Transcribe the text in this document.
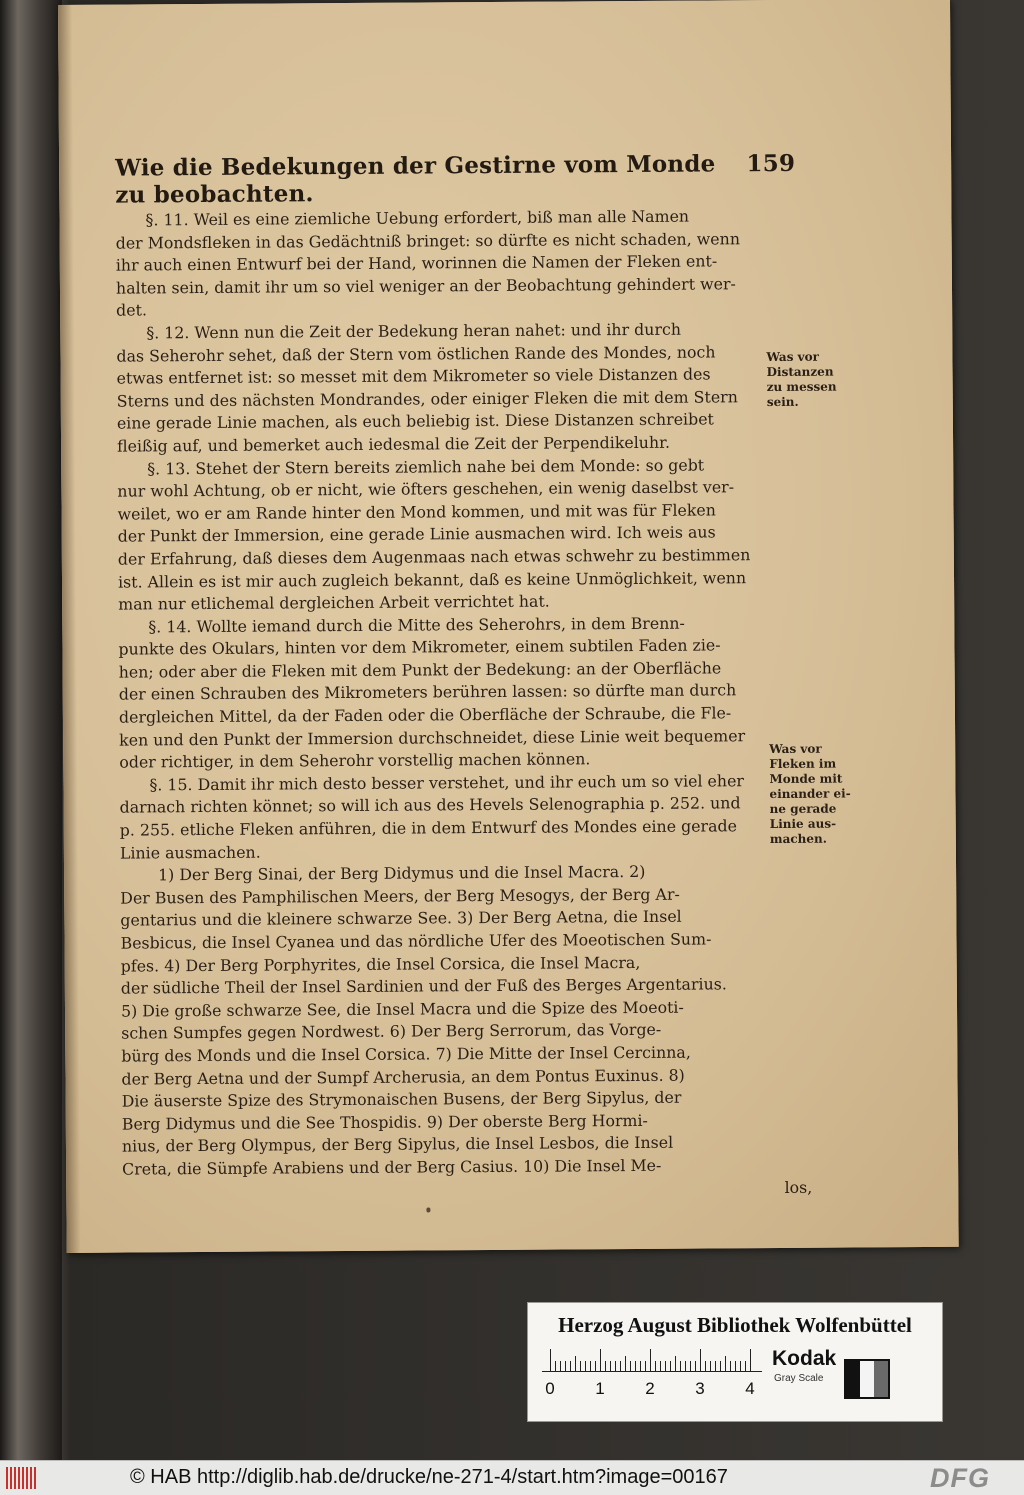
Wie die Bedekungen der Gestirne vom Monde zu beobachten.
159
§. 11. Weil es eine ziemliche Uebung erfordert, biß man alle Namen
der Mondsfleken in das Gedächtniß bringet: so dürfte es nicht schaden, wenn
ihr auch einen Entwurf bei der Hand, worinnen die Namen der Fleken ent-
halten sein, damit ihr um so viel weniger an der Beobachtung gehindert wer-
det.
§. 12. Wenn nun die Zeit der Bedekung heran nahet: und ihr durch
das Seherohr sehet, daß der Stern vom östlichen Rande des Mondes, noch
etwas entfernet ist: so messet mit dem Mikrometer so viele Distanzen des
Sterns und des nächsten Mondrandes, oder einiger Fleken die mit dem Stern
eine gerade Linie machen, als euch beliebig ist. Diese Distanzen schreibet
fleißig auf, und bemerket auch iedesmal die Zeit der Perpendikeluhr.
§. 13. Stehet der Stern bereits ziemlich nahe bei dem Monde: so gebt
nur wohl Achtung, ob er nicht, wie öfters geschehen, ein wenig daselbst ver-
weilet, wo er am Rande hinter den Mond kommen, und mit was für Fleken
der Punkt der Immersion, eine gerade Linie ausmachen wird. Ich weis aus
der Erfahrung, daß dieses dem Augenmaas nach etwas schwehr zu bestimmen
ist. Allein es ist mir auch zugleich bekannt, daß es keine Unmöglichkeit, wenn
man nur etlichemal dergleichen Arbeit verrichtet hat.
§. 14. Wollte iemand durch die Mitte des Seherohrs, in dem Brenn-
punkte des Okulars, hinten vor dem Mikrometer, einem subtilen Faden zie-
hen; oder aber die Fleken mit dem Punkt der Bedekung: an der Oberfläche
der einen Schrauben des Mikrometers berühren lassen: so dürfte man durch
dergleichen Mittel, da der Faden oder die Oberfläche der Schraube, die Fle-
ken und den Punkt der Immersion durchschneidet, diese Linie weit bequemer
oder richtiger, in dem Seherohr vorstellig machen können.
§. 15. Damit ihr mich desto besser verstehet, und ihr euch um so viel eher
darnach richten könnet; so will ich aus des Hevels Selenographia p. 252. und
p. 255. etliche Fleken anführen, die in dem Entwurf des Mondes eine gerade
Linie ausmachen.
1) Der Berg Sinai, der Berg Didymus und die Insel Macra. 2)
Der Busen des Pamphilischen Meers, der Berg Mesogys, der Berg Ar-
gentarius und die kleinere schwarze See. 3) Der Berg Aetna, die Insel
Besbicus, die Insel Cyanea und das nördliche Ufer des Moeotischen Sum-
pfes. 4) Der Berg Porphyrites, die Insel Corsica, die Insel Macra,
der südliche Theil der Insel Sardinien und der Fuß des Berges Argentarius.
5) Die große schwarze See, die Insel Macra und die Spize des Moeoti-
schen Sumpfes gegen Nordwest. 6) Der Berg Serrorum, das Vorge-
bürg des Monds und die Insel Corsica. 7) Die Mitte der Insel Cercinna,
der Berg Aetna und der Sumpf Archerusia, an dem Pontus Euxinus. 8)
Die äuserste Spize des Strymonaischen Busens, der Berg Sipylus, der
Berg Didymus und die See Thospidis. 9) Der oberste Berg Hormi-
nius, der Berg Olympus, der Berg Sipylus, die Insel Lesbos, die Insel
Creta, die Sümpfe Arabiens und der Berg Casius. 10) Die Insel Me-
los,
Was vor
Distanzen
zu messen
sein.
Was vor
Fleken im
Monde mit
einander ei-
ne gerade
Linie aus-
machen.
Herzog August Bibliothek Wolfenbüttel
0 1 2 3 4
Kodak
Gray Scale
© HAB http://diglib.hab.de/drucke/ne-271-4/start.htm?image=00167	DFG
